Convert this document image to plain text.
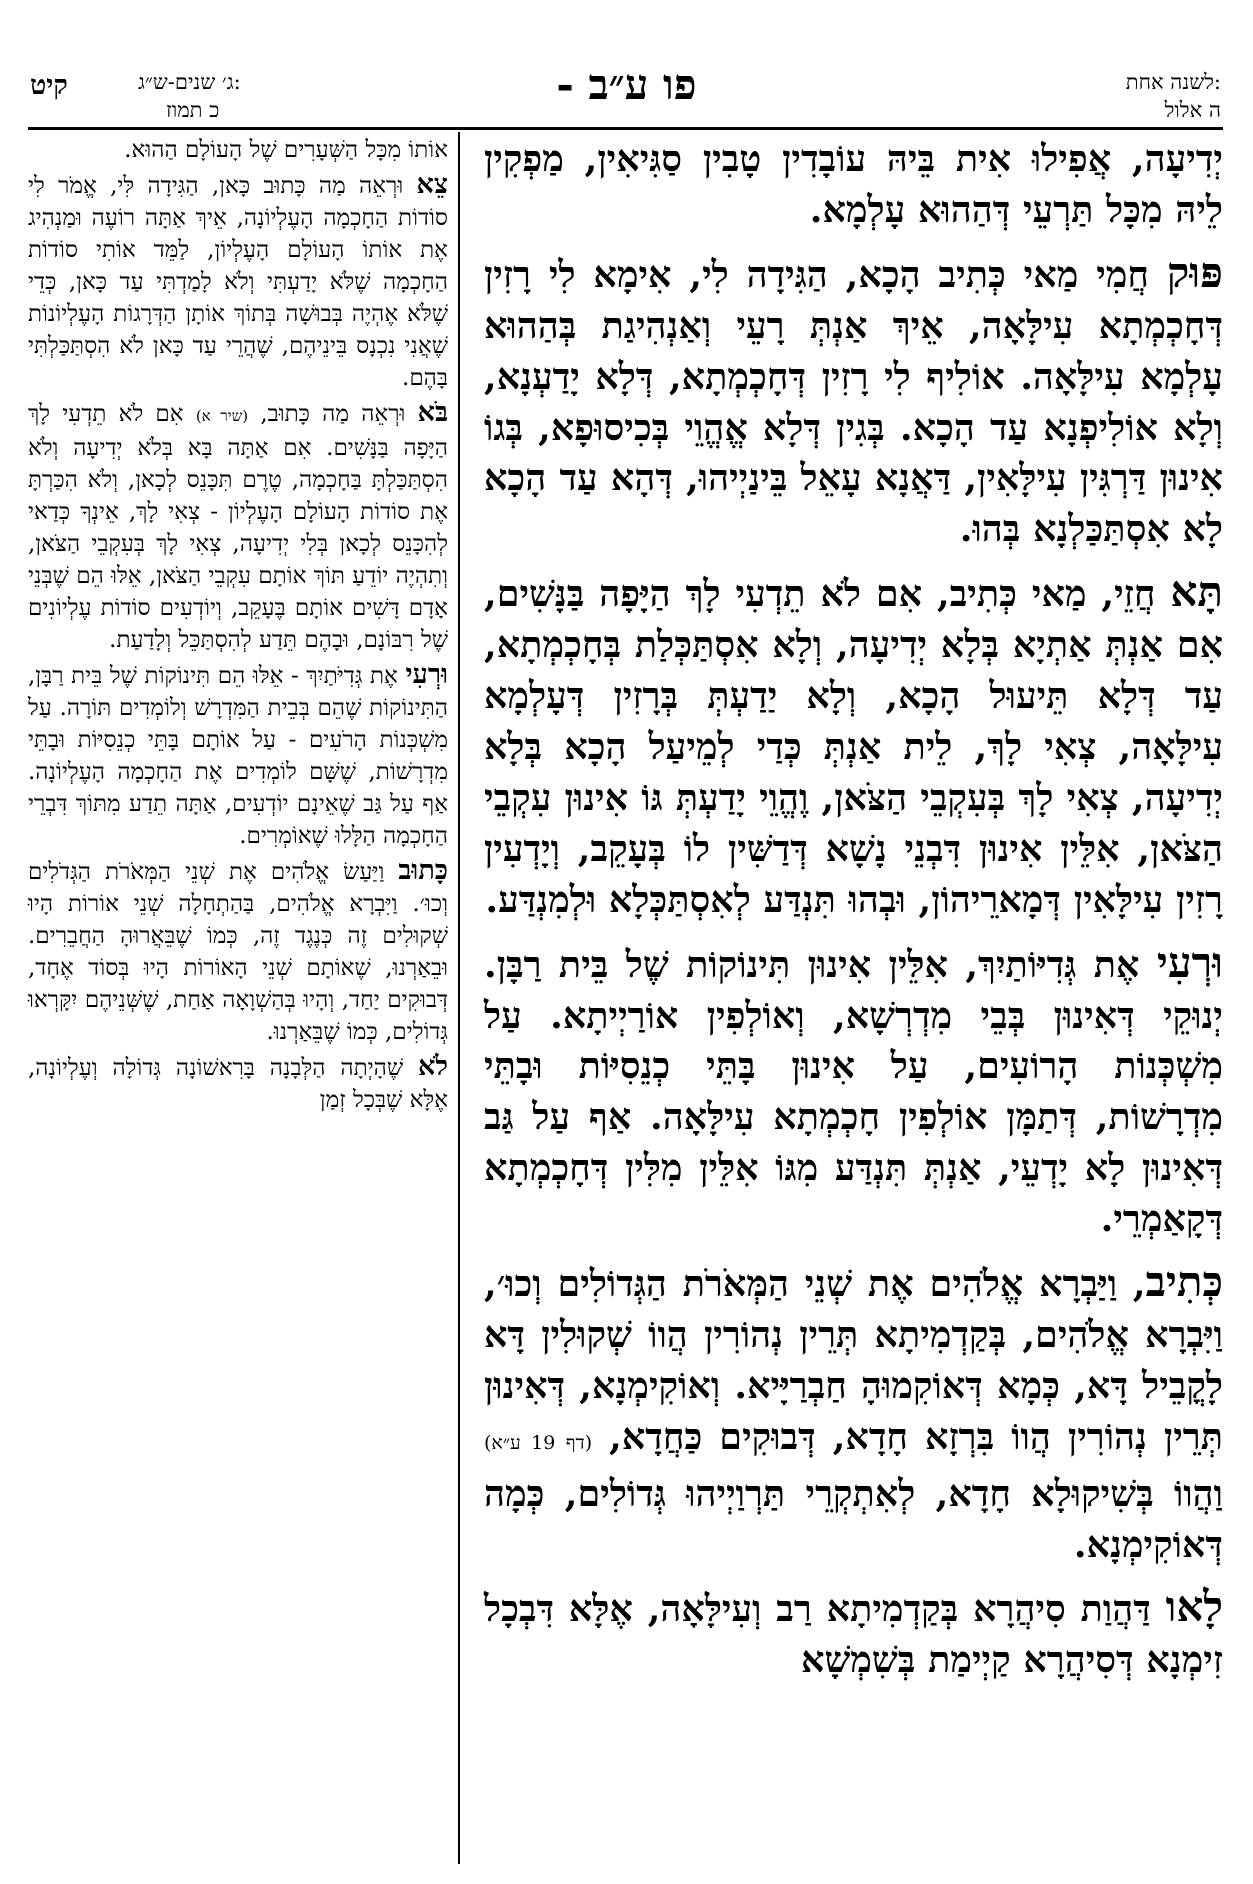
ג׳ שנים-ש״ג:
כ תמוז
קיט	- פו ע״ב	לשנה אחת:
ה אלול

יְדִיעָה, אֲפִילוּ אִית בֵּיהּ עוֹבָדִין טָבִין סַגִּיאִין, מַפְקִין לֵיהּ מִכָּל תַּרְעֵי דְּהַהוּא עָלְמָא.

פּוּק חֲמִי מַאי כְּתִיב הָכָא, הַגִּידָה לִי, אִימָא לִי רָזִין דְּחָכְמְתָא עִילָּאָה, אֵיךְ אַנְתְּ רָעֵי וְאַנְהִיגַת בְּהַהוּא עָלְמָא עִילָּאָה. אוֹלִיף לִי רָזִין דְּחָכְמְתָא, דְּלָא יָדַעְנָא, וְלָא אוֹלִיפְנָא עַד הָכָא. בְּגִין דְּלָא אֱהֱוֵי בְּכִיסוּפָא, בְּגוֹ אִינוּן דַּרְגִּין עִילָּאִין, דַּאֲנָא עָאֵל בֵּינַיְיהוּ, דְּהָא עַד הָכָא לָא אִסְתַּכַּלְנָא בְּהוּ.

תָּא חֲזֵי, מַאי כְּתִיב, אִם לֹא תֵדְעִי לָךְ הַיָּפָה בַּנָּשִׁים, אִם אַנְתְּ אַתְיָא בְּלָא יְדִיעָה, וְלָא אִסְתַּכְּלַת בְּחָכְמְתָא, עַד דְּלָא תֵּיעוּל הָכָא, וְלָא יַדַעְתְּ בְּרָזִין דְּעָלְמָא עִילָּאָה, צְאִי לָךְ, לֵית אַנְתְּ כְּדַי לְמֵיעַל הָכָא בְּלָא יְדִיעָה, צְאִי לָךְ בְּעִקְבֵי הַצֹּאן, וֶהֱוֵי יָדַעְתְּ גּוֹ אִינוּן עִקְבֵי הַצֹּאן, אִלֵּין אִינוּן דִּבְנֵי נָשָׁא דְּדַשִּׁין לוֹ בְּעָקֵב, וְיָדְעִין רָזִין עִילָּאִין דְּמָארֵיהוֹן, וּבְהוּ תִּנְדַּע לְאִסְתַּכְּלָא וּלְמִנְדַּע.

וּרְעִי אֶת גְּדִיּוֹתַיִךְ, אִלֵּין אִינוּן תִּינוֹקוֹת שֶׁל בֵּית רַבָּן. יְנוּקֵי דְּאִינוּן בְּבֵי מִדְרְשָׁא, וְאוֹלְפִין אוֹרַיְיתָא. עַל מִשְׁכְּנוֹת הָרוֹעִים, עַל אִינוּן בָּתֵּי כְנֵסִיּוֹת וּבָתֵּי מִדְרָשׁוֹת, דְּתַמָּן אוֹלְפִין חָכְמְתָא עִילָּאָה. אַף עַל גַּב דְּאִינוּן לָא יָדְעֵי, אַנְתְּ תִּנְדַּע מִגּוֹ אִלֵּין מִלִּין דְּחָכְמְתָא דְּקָאַמְרֵי.

כְּתִיב, וַיַּבְרָא אֱלֹהִים אֶת שְׁנֵי הַמְּאֹרֹת הַגְּדוֹלִים וְכוּ׳, וַיִּבְרָא אֱלֹהִים, בְּקַדְמִיתָא תְּרֵין נְהוֹרִין הֲווֹ שְׁקוּלִין דָּא לָקֳבֵיל דָּא, כְּמָא דְּאוֹקִמוּהָ חַבְרַיָּיא. וְאוֹקִימְנָא, דְּאִינוּן תְּרֵין נְהוֹרִין הֲווֹ בִּרְזָא חָדָא, דְּבוּקִים כַּחֲדָא, (דף 19 ע״א) וַהֲווֹ בְּשִׁיקוּלָא חָדָא, לְאִתְקְרֵי תַּרְוַיְיהוּ גְּדוֹלִים, כְּמָה דְּאוֹקִימְנָא.

לָאו דַּהֲוַת סִיהֲרָא בְּקַדְמִיתָא רַב וְעִילָּאָה, אֶלָּא דִּבְכָל זִימְנָא דְּסִיהֲרָא קַיְימַת בְּשִׁמְשָׁא

אוֹתוֹ מִכָּל הַשְּׁעָרִים שֶׁל הָעוֹלָם הַהוּא.

צֵא וּרְאֵה מַה כָּתוּב כָּאן, הַגִּידָה לִּי, אֱמֹר לִי סוֹדוֹת הַחָכְמָה הָעֶלְיוֹנָה, אֵיךְ אַתָּה רוֹעֶה וּמַנְהִיג אֶת אוֹתוֹ הָעוֹלָם הָעֶלְיוֹן, לַמֵּד אוֹתִי סוֹדוֹת הַחָכְמָה שֶׁלֹּא יָדַעְתִּי וְלֹא לָמַדְתִּי עַד כָּאן, כְּדֵי שֶׁלֹּא אֶהְיֶה בְּבוּשָׁה בְּתוֹךְ אוֹתָן הַדְּרָגוֹת הָעֶלְיוֹנוֹת שֶׁאֲנִי נִכְנָס בֵּינֵיהֶם, שֶׁהֲרֵי עַד כָּאן לֹא הִסְתַּכַּלְתִּי בָּהֶם.

בֹּא וּרְאֵה מַה כָּתוּב, (שיר א) אִם לֹא תֵדְעִי לָךְ הַיָּפָה בַּנָּשִׁים. אִם אַתָּה בָּא בְּלֹא יְדִיעָה וְלֹא הִסְתַּכַּלְתָּ בַּחָכְמָה, טֶרֶם תִּכָּנֵס לְכָאן, וְלֹא הִכַּרְתָּ אֶת סוֹדוֹת הָעוֹלָם הָעֶלְיוֹן - צְאִי לָךְ, אֵינְךָ כְּדַאי לְהִכָּנֵס לְכָאן בְּלִי יְדִיעָה, צְאִי לָךְ בְּעִקְבֵי הַצֹּאן, וְתִהְיֶה יוֹדֵעַ תּוֹךְ אוֹתָם עִקְבֵי הַצֹּאן, אֵלּוּ הֵם שֶׁבְּנֵי אָדָם דָּשִׁים אוֹתָם בֶּעָקֵב, וְיוֹדְעִים סוֹדוֹת עֶלְיוֹנִים שֶׁל רִבּוֹנָם, וּבָהֶם תֵּדַע לְהִסְתַּכֵּל וְלָדַעַת.

וּרְעִי אֶת גְּדִיֹּתַיִךְ - אֵלּוּ הֵם תִּינוֹקוֹת שֶׁל בֵּית רַבָּן, הַתִּינוֹקוֹת שֶׁהֵם בְּבֵית הַמִּדְרָשׁ וְלוֹמְדִים תּוֹרָה. עַל מִשְׁכְּנוֹת הָרֹעִים - עַל אוֹתָם בָּתֵּי כְנֵסִיּוֹת וּבָתֵּי מִדְרָשׁוֹת, שֶׁשָּׁם לוֹמְדִים אֶת הַחָכְמָה הָעֶלְיוֹנָה. אַף עַל גַּב שֶׁאֵינָם יוֹדְעִים, אַתָּה תֵדַע מִתּוֹךְ דִּבְרֵי הַחָכְמָה הַלָּלוּ שֶׁאוֹמְרִים.

כָּתוּב וַיַּעַשׂ אֱלֹהִים אֶת שְׁנֵי הַמְּאֹרֹת הַגְּדֹלִים וְכוּ׳. וַיִּבְרָא אֱלֹהִים, בַּהַתְחָלָה שְׁנֵי אוֹרוֹת הָיוּ שְׁקוּלִים זֶה כְּנֶגֶד זֶה, כְּמוֹ שֶׁבֵּאֲרוּהָ הַחֲבֵרִים. וּבֵאַרְנוּ, שֶׁאוֹתָם שְׁנֵי הָאוֹרוֹת הָיוּ בְּסוֹד אֶחָד, דְּבוּקִים יַחַד, וְהָיוּ בְּהַשְׁוָאָה אַחַת, שֶׁשְּׁנֵיהֶם יִקָּרְאוּ גְּדוֹלִים, כְּמוֹ שֶׁבֵּאַרְנוּ.

לֹא שֶׁהָיְתָה הַלְּבָנָה בָּרִאשׁוֹנָה גְּדוֹלָה וְעֶלְיוֹנָה, אֶלָּא שֶׁבְּכָל זְמַן
